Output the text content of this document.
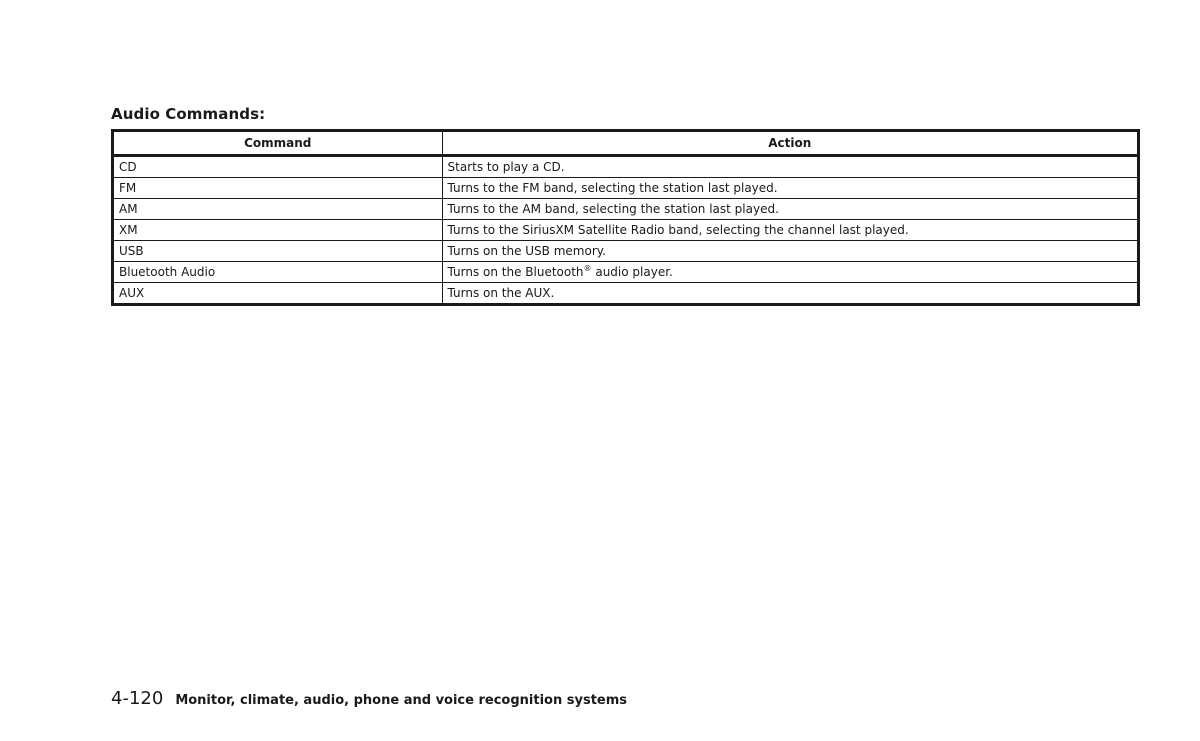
Audio Commands:
Command	Action
CD	Starts to play a CD.
FM	Turns to the FM band, selecting the station last played.
AM	Turns to the AM band, selecting the station last played.
XM	Turns to the SiriusXM Satellite Radio band, selecting the channel last played.
USB	Turns on the USB memory.
Bluetooth Audio	Turns on the Bluetooth® audio player.
AUX	Turns on the AUX.
4-120 Monitor, climate, audio, phone and voice recognition systems
